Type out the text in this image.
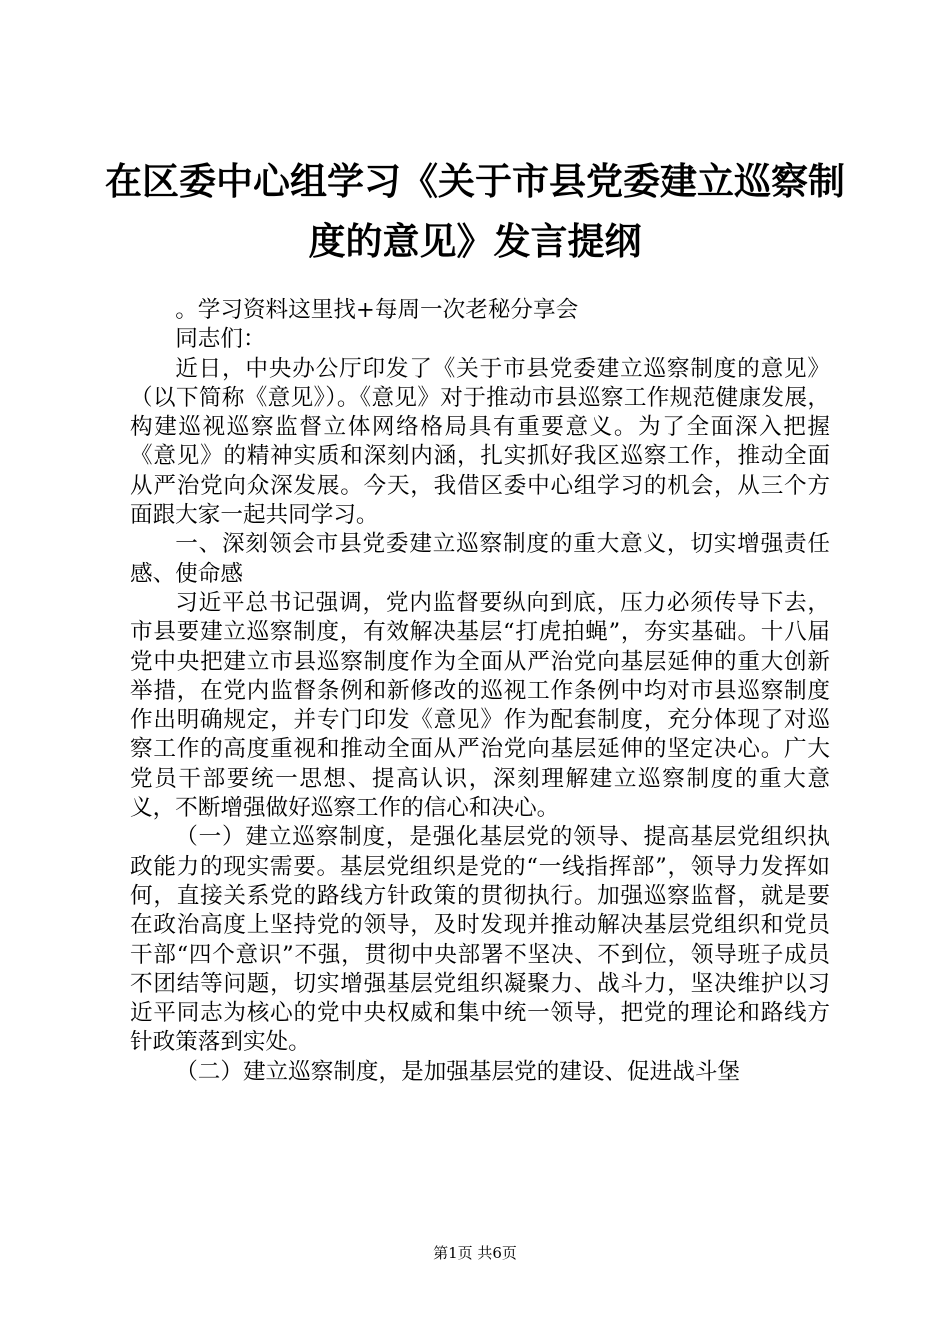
在区委中心组学习《关于市县党委建立巡察制
度的意见》发言提纲

。学习资料这里找+每周一次老秘分享会

同志们：

近日，中央办公厅印发了《关于市县党委建立巡察制度的意见》（以下简称《意见》）。《意见》对于推动市县巡察工作规范健康发展，构建巡视巡察监督立体网络格局具有重要意义。为了全面深入把握《意见》的精神实质和深刻内涵，扎实抓好我区巡察工作，推动全面从严治党向众深发展。今天，我借区委中心组学习的机会，从三个方面跟大家一起共同学习。

一、深刻领会市县党委建立巡察制度的重大意义，切实增强责任感、使命感

习近平总书记强调，党内监督要纵向到底，压力必须传导下去，市县要建立巡察制度，有效解决基层“打虎拍蝇”，夯实基础。十八届党中央把建立市县巡察制度作为全面从严治党向基层延伸的重大创新举措，在党内监督条例和新修改的巡视工作条例中均对市县巡察制度作出明确规定，并专门印发《意见》作为配套制度，充分体现了对巡察工作的高度重视和推动全面从严治党向基层延伸的坚定决心。广大党员干部要统一思想、提高认识，深刻理解建立巡察制度的重大意义，不断增强做好巡察工作的信心和决心。

（一）建立巡察制度，是强化基层党的领导、提高基层党组织执政能力的现实需要。基层党组织是党的“一线指挥部”，领导力发挥如何，直接关系党的路线方针政策的贯彻执行。加强巡察监督，就是要在政治高度上坚持党的领导，及时发现并推动解决基层党组织和党员干部“四个意识”不强，贯彻中央部署不坚决、不到位，领导班子成员不团结等问题，切实增强基层党组织凝聚力、战斗力，坚决维护以习近平同志为核心的党中央权威和集中统一领导，把党的理论和路线方针政策落到实处。

（二）建立巡察制度，是加强基层党的建设、促进战斗堡

第1页 共6页
